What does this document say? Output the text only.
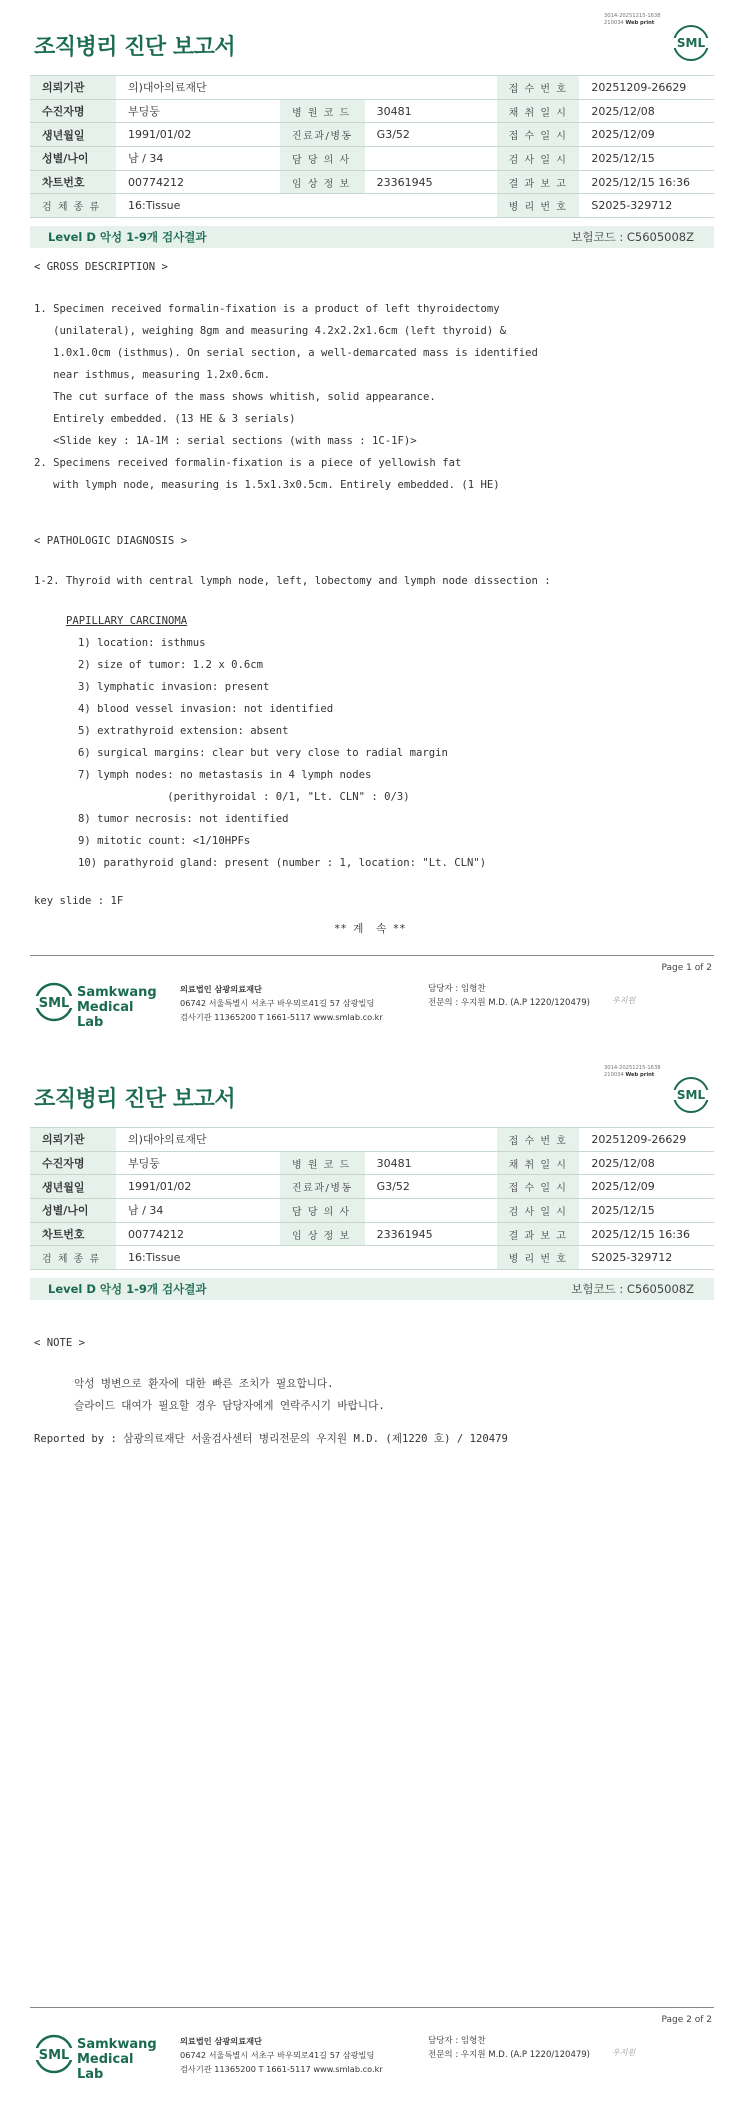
3014-20251215-1638
210034 Web print
조직병리 진단 보고서	SML
의뢰기관	의)대아의료재단			접 수 번 호	20251209-26629
수진자명	부딩둥	병 원 코 드	30481	채 취 일 시	2025/12/08
생년월일	1991/01/02	진료과/병동	G3/52	접 수 일 시	2025/12/09
성별/나이	남 / 34	담 당 의 사		검 사 일 시	2025/12/15
차트번호	00774212	임 상 정 보	23361945	결 과 보 고	2025/12/15 16:36
검 체 종 류	16:Tissue			병 리 번 호	S2025-329712
Level D 악성 1-9개 검사결과	보험코드 : C5605008Z
< GROSS DESCRIPTION >
1. Specimen received formalin-fixation is a product of left thyroidectomy
(unilateral), weighing 8gm and measuring 4.2x2.2x1.6cm (left thyroid) &
1.0x1.0cm (isthmus). On serial section, a well-demarcated mass is identified
near isthmus, measuring 1.2x0.6cm.
The cut surface of the mass shows whitish, solid appearance.
Entirely embedded. (13 HE & 3 serials)
<Slide key : 1A-1M : serial sections (with mass : 1C-1F)>
2. Specimens received formalin-fixation is a piece of yellowish fat
with lymph node, measuring is 1.5x1.3x0.5cm. Entirely embedded. (1 HE)
< PATHOLOGIC DIAGNOSIS >
1-2. Thyroid with central lymph node, left, lobectomy and lymph node dissection :
PAPILLARY CARCINOMA
1) location: isthmus
2) size of tumor: 1.2 x 0.6cm
3) lymphatic invasion: present
4) blood vessel invasion: not identified
5) extrathyroid extension: absent
6) surgical margins: clear but very close to radial margin
7) lymph nodes: no metastasis in 4 lymph nodes
(perithyroidal : 0/1, "Lt. CLN" : 0/3)
8) tumor necrosis: not identified
9) mitotic count: <1/10HPFs
10) parathyroid gland: present (number : 1, location: "Lt. CLN")
key slide : 1F
** 계  속 **
Page 1 of 2
SML
Samkwang
Medical Lab
의료법인 삼광의료재단
06742 서울특별시 서초구 바우뫼로41길 57 삼광빌딩
검사기관 11365200 T 1661-5117 www.smlab.co.kr
담당자 : 임형찬
전문의 : 우지원 M.D. (A.P 1220/120479)	우지원
3014-20251215-1638
210034 Web print
조직병리 진단 보고서	SML
의뢰기관	의)대아의료재단			접 수 번 호	20251209-26629
수진자명	부딩둥	병 원 코 드	30481	채 취 일 시	2025/12/08
생년월일	1991/01/02	진료과/병동	G3/52	접 수 일 시	2025/12/09
성별/나이	남 / 34	담 당 의 사		검 사 일 시	2025/12/15
차트번호	00774212	임 상 정 보	23361945	결 과 보 고	2025/12/15 16:36
검 체 종 류	16:Tissue			병 리 번 호	S2025-329712
Level D 악성 1-9개 검사결과	보험코드 : C5605008Z
< NOTE >
악성 병변으로 환자에 대한 빠른 조치가 필요합니다.
슬라이드 대여가 필요할 경우 담당자에게 연락주시기 바랍니다.
Reported by : 삼광의료재단 서울검사센터 병리전문의 우지원 M.D. (제1220 호) / 120479
Page 2 of 2
SML
Samkwang
Medical Lab
의료법인 삼광의료재단
06742 서울특별시 서초구 바우뫼로41길 57 삼광빌딩
검사기관 11365200 T 1661-5117 www.smlab.co.kr
담당자 : 임형찬
전문의 : 우지원 M.D. (A.P 1220/120479)	우지원
